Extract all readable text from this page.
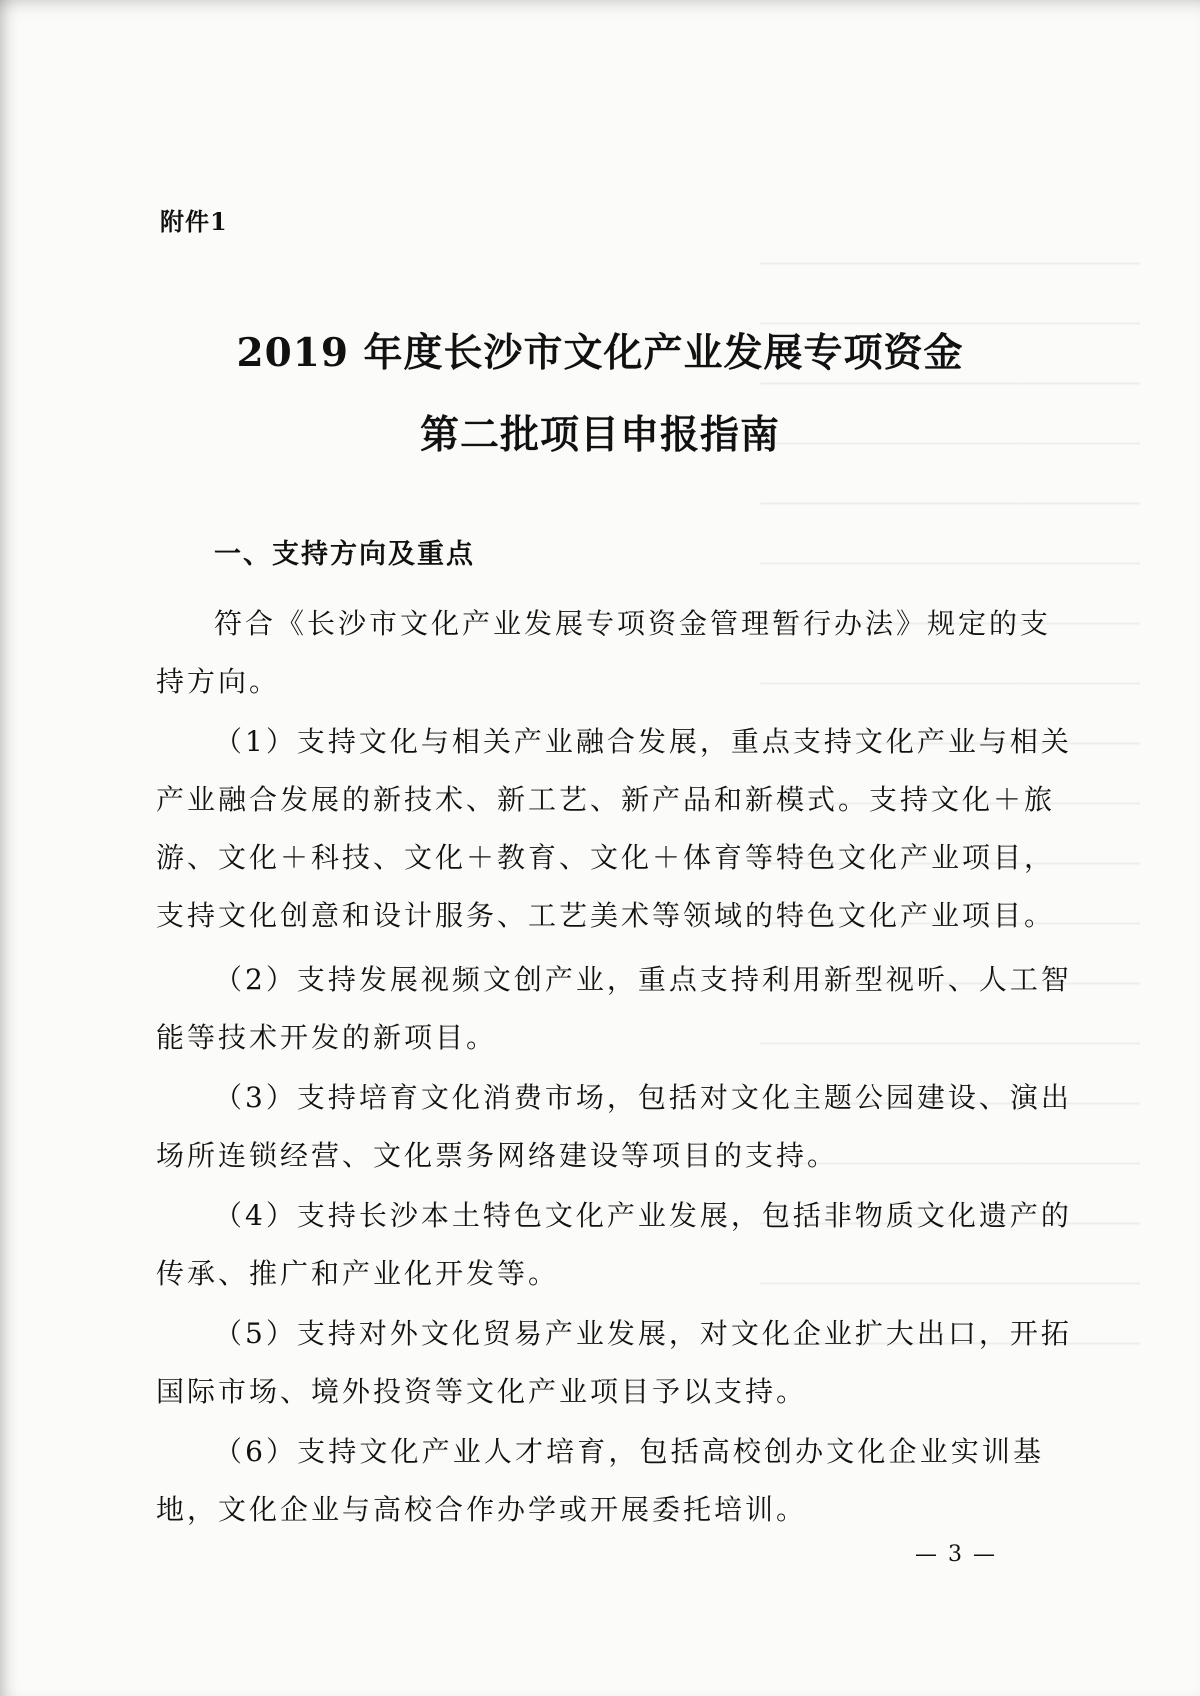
附件1
2019 年度长沙市文化产业发展专项资金
第二批项目申报指南
一、支持方向及重点
符合《长沙市文化产业发展专项资金管理暂行办法》规定的支
持方向。
（1）支持文化与相关产业融合发展，重点支持文化产业与相关
产业融合发展的新技术、新工艺、新产品和新模式。支持文化＋旅
游、文化＋科技、文化＋教育、文化＋体育等特色文化产业项目，
支持文化创意和设计服务、工艺美术等领域的特色文化产业项目。
（2）支持发展视频文创产业，重点支持利用新型视听、人工智
能等技术开发的新项目。
（3）支持培育文化消费市场，包括对文化主题公园建设、演出
场所连锁经营、文化票务网络建设等项目的支持。
（4）支持长沙本土特色文化产业发展，包括非物质文化遗产的
传承、推广和产业化开发等。
（5）支持对外文化贸易产业发展，对文化企业扩大出口，开拓
国际市场、境外投资等文化产业项目予以支持。
（6）支持文化产业人才培育，包括高校创办文化企业实训基
地，文化企业与高校合作办学或开展委托培训。
— 3 —
